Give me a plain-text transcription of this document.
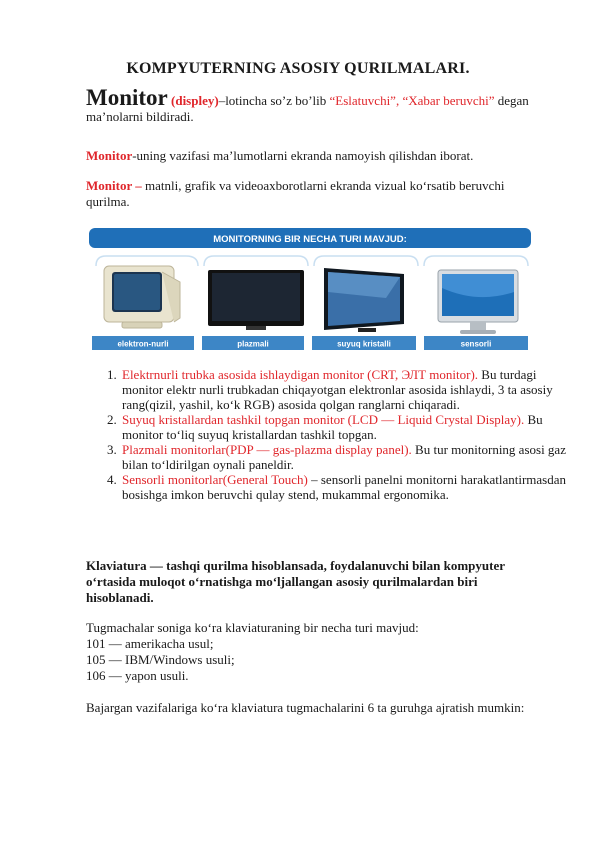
KOMPYUTERNING ASOSIY QURILMALARI.
Monitor (displey)–lotincha so’z bo’lib “Eslatuvchi”, “Xabar beruvchi” degan ma’nolarni bildiradi.
Monitor-uning vazifasi ma’lumotlarni ekranda namoyish qilishdan iborat.
Monitor – matnli, grafik va videoaxborotlarni ekranda vizual ko‘rsatib beruvchi qurilma.
MONITORNING BIR NECHA TURI MAVJUD:
elektron-nurli	plazmali	suyuq kristalli	sensorli
1. Elektrnurli trubka asosida ishlaydigan monitor (CRT, ЭЛТ monitor). Bu turdagi monitor elektr nurli trubkadan chiqayotgan elektronlar asosida ishlaydi, 3 ta asosiy rang(qizil, yashil, ko‘k RGB) asosida qolgan ranglarni chiqaradi.
2. Suyuq kristallardan tashkil topgan monitor (LCD — Liquid Crystal Display). Bu monitor to‘liq suyuq kristallardan tashkil topgan.
3. Plazmali monitorlar(PDP — gas-plazma display panel). Bu tur monitorning asosi gaz bilan to‘ldirilgan oynali paneldir.
4. Sensorli monitorlar(General Touch) – sensorli panelni monitorni harakatlantirmasdan bosishga imkon beruvchi qulay stend, mukammal ergonomika.
Klaviatura — tashqi qurilma hisoblansada, foydalanuvchi bilan kompyuter o‘rtasida muloqot o‘rnatishga mo‘ljallangan asosiy qurilmalardan biri hisoblanadi.
Tugmachalar soniga ko‘ra klaviaturaning bir necha turi mavjud:
101 — amerikacha usul;
105 — IBM/Windows usuli;
106 — yapon usuli.
Bajargan vazifalariga ko‘ra klaviatura tugmachalarini 6 ta guruhga ajratish mumkin:
